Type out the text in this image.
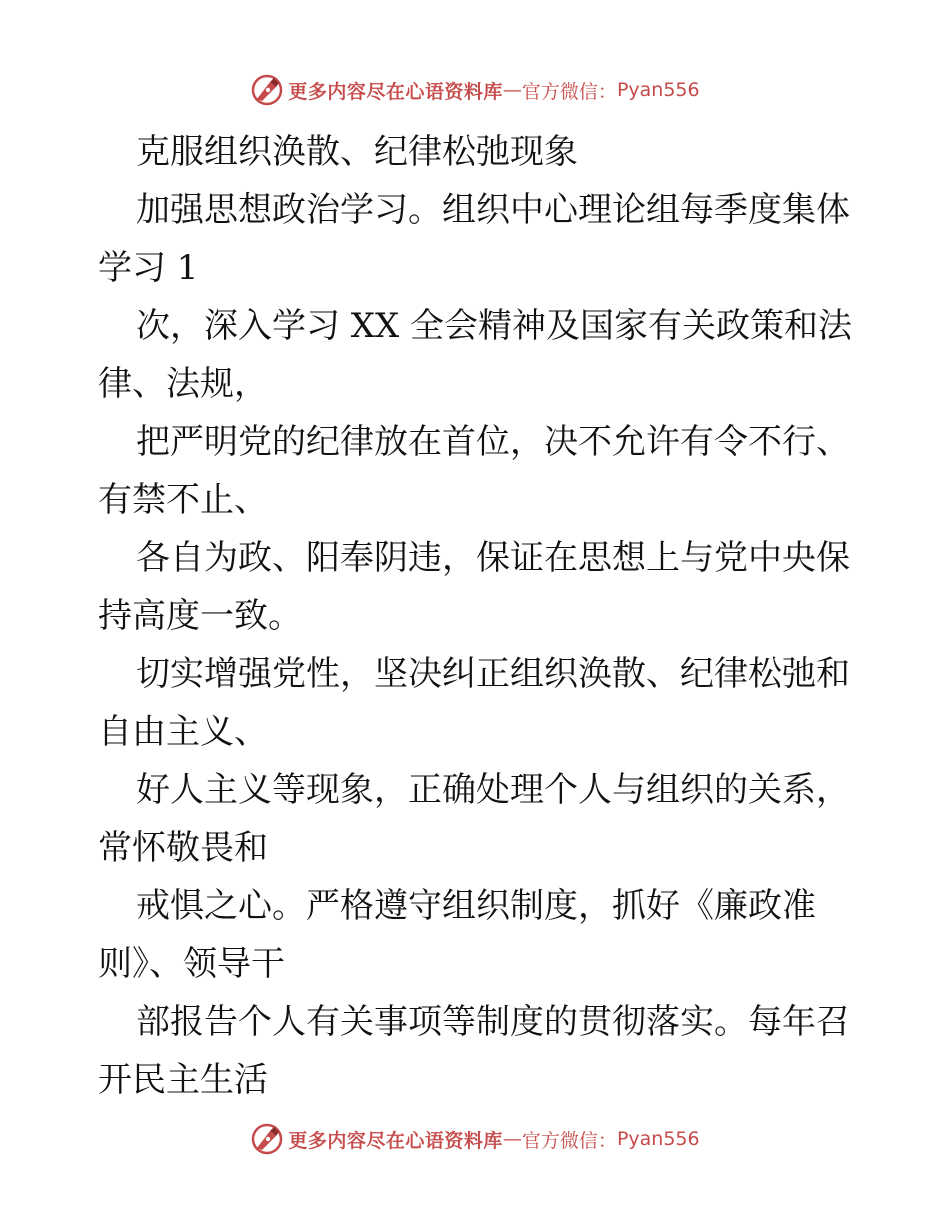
更多内容尽在心语资料库 — 官方微信： Pyan556

克服组织涣散、纪律松弛现象

加强思想政治学习。组织中心理论组每季度集体学习 1

次，深入学习 XX 全会精神及国家有关政策和法律、法规，

把严明党的纪律放在首位，决不允许有令不行、有禁不止、

各自为政、阳奉阴违，保证在思想上与党中央保持高度一致。

切实增强党性，坚决纠正组织涣散、纪律松弛和自由主义、

好人主义等现象，正确处理个人与组织的关系，常怀敬畏和

戒惧之心。严格遵守组织制度，抓好《廉政准则》、领导干

部报告个人有关事项等制度的贯彻落实。每年召开民主生活

更多内容尽在心语资料库 — 官方微信： Pyan556
